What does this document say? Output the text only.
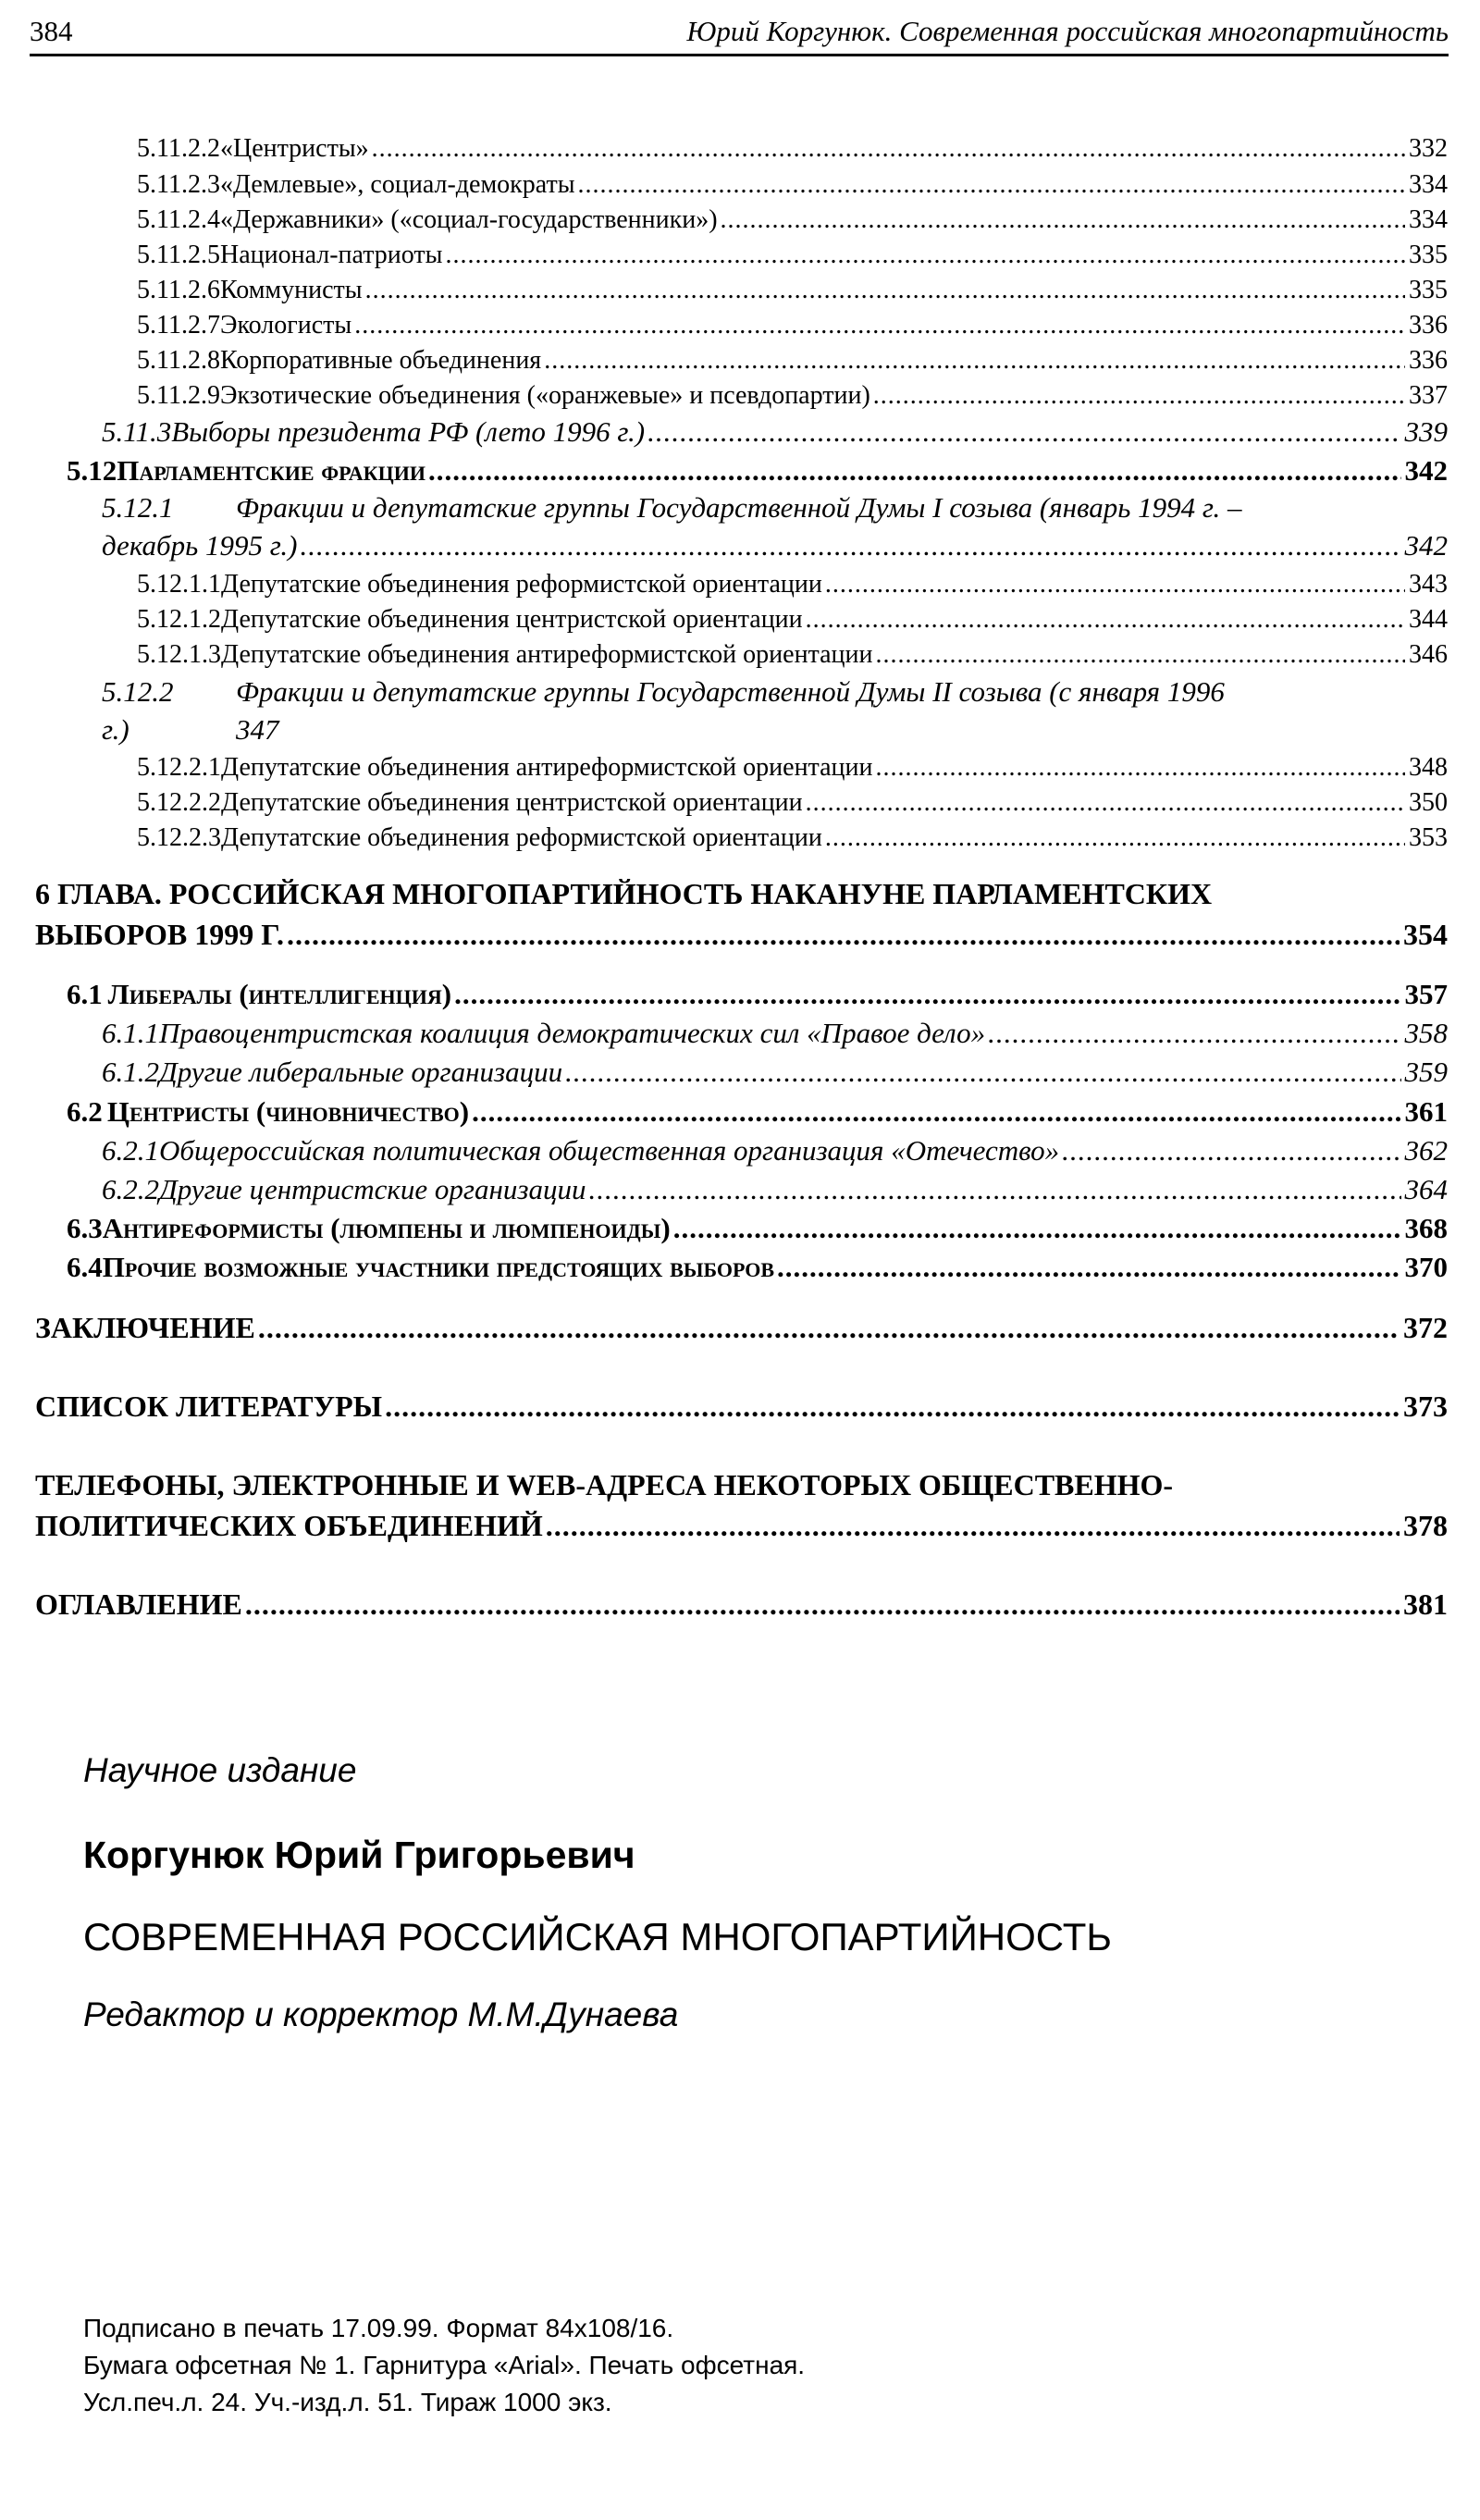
384	Юрий Коргунюк. Современная российская многопартийность
5.11.2.2 «Центристы» .....	332
5.11.2.3 «Демлевые», социал-демократы .....	334
5.11.2.4 «Державники» («социал-государственники») .....	334
5.11.2.5 Национал-патриоты .....	335
5.11.2.6 Коммунисты .....	335
5.11.2.7 Экологисты .....	336
5.11.2.8 Корпоративные объединения .....	336
5.11.2.9 Экзотические объединения («оранжевые» и псевдопартии) .....	337
5.11.3 Выборы президента РФ (лето 1996 г.) .....	339
5.12 Парламентские фракции .....	342
5.12.1 Фракции и депутатские группы Государственной Думы I созыва (январь 1994 г. –
декабрь 1995 г.) .....	342
5.12.1.1 Депутатские объединения реформистской ориентации .....	343
5.12.1.2 Депутатские объединения центристской ориентации .....	344
5.12.1.3 Депутатские объединения антиреформистской ориентации .....	346
5.12.2 Фракции и депутатские группы Государственной Думы II созыва (с января 1996
г.)	347
5.12.2.1 Депутатские объединения антиреформистской ориентации .....	348
5.12.2.2 Депутатские объединения центристской ориентации .....	350
5.12.2.3 Депутатские объединения реформистской ориентации .....	353
6 ГЛАВА. РОССИЙСКАЯ МНОГОПАРТИЙНОСТЬ НАКАНУНЕ ПАРЛАМЕНТСКИХ
ВЫБОРОВ 1999 Г. .....	354
6.1 Либералы (интеллигенция) .....	357
6.1.1 Правоцентристская коалиция демократических сил «Правое дело» .....	358
6.1.2 Другие либеральные организации .....	359
6.2 Центристы (чиновничество) .....	361
6.2.1 Общероссийская политическая общественная организация «Отечество» .....	362
6.2.2 Другие центристские организации .....	364
6.3 Антиреформисты (люмпены и люмпеноиды) .....	368
6.4 Прочие возможные участники предстоящих выборов .....	370
ЗАКЛЮЧЕНИЕ .....	372
СПИСОК ЛИТЕРАТУРЫ .....	373
ТЕЛЕФОНЫ, ЭЛЕКТРОННЫЕ И WEB-АДРЕСА НЕКОТОРЫХ ОБЩЕСТВЕННО-
ПОЛИТИЧЕСКИХ ОБЪЕДИНЕНИЙ .....	378
ОГЛАВЛЕНИЕ .....	381
Научное издание
Коргунюк Юрий Григорьевич
СОВРЕМЕННАЯ РОССИЙСКАЯ МНОГОПАРТИЙНОСТЬ
Редактор и корректор М.М.Дунаева
Подписано в печать 17.09.99. Формат 84x108/16.
Бумага офсетная № 1. Гарнитура «Arial». Печать офсетная.
Усл.печ.л. 24. Уч.-изд.л. 51. Тираж 1000 экз.
